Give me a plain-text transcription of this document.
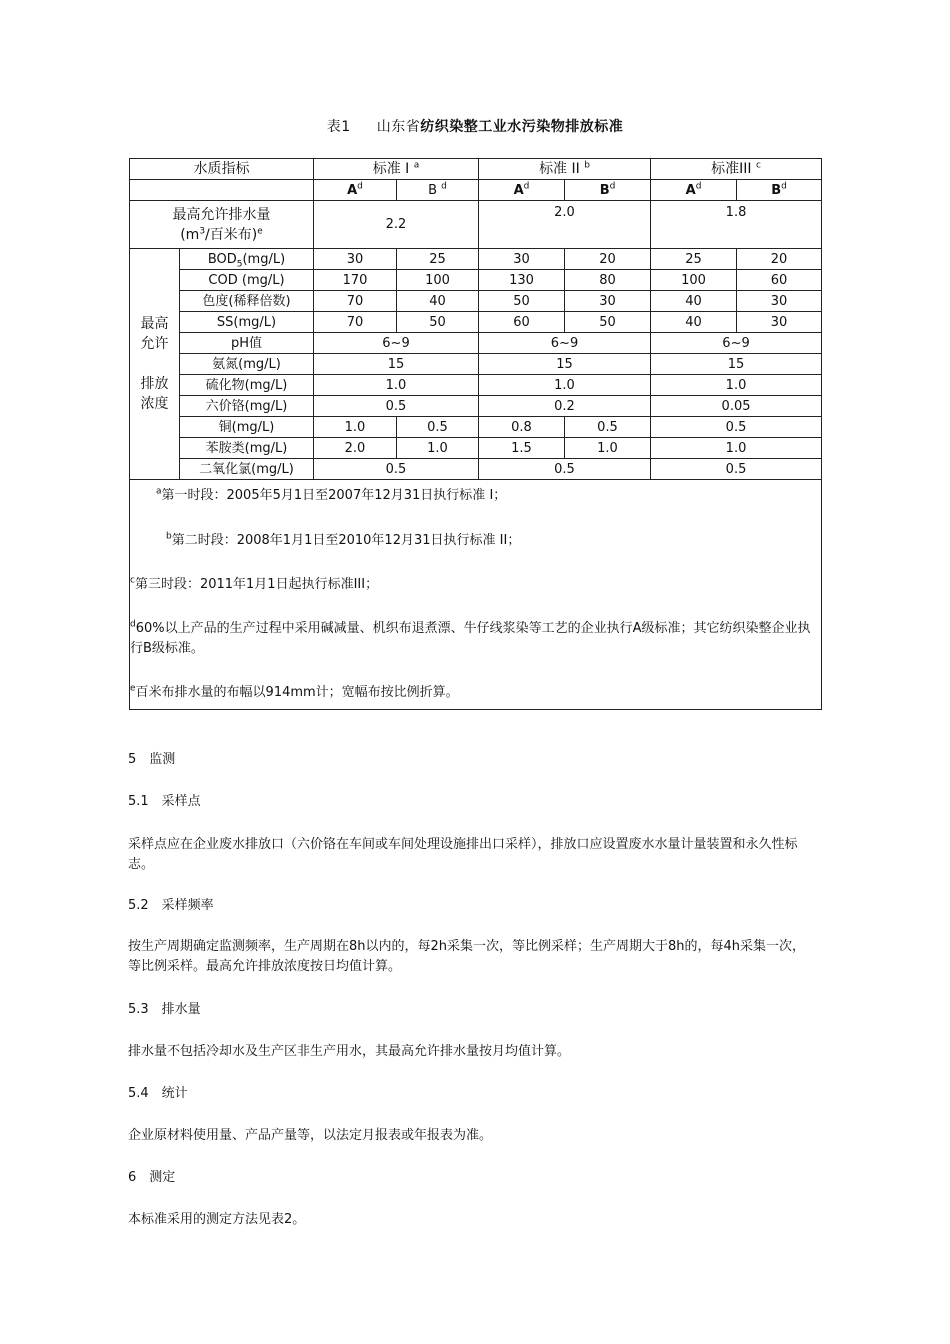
表1 山东省纺织染整工业水污染物排放标准
水质指标		标准 I $^a$		标准 II $^b$		标准III $^c$
		$A^d$	B $^d$	$A^d$	$B^d$	$A^d$	$B^d$
最高允许排水量
($m^3/$百米布)$^e$		2.2		2.0		1.8	
最高
允许

排放
浓度	$BOD_5(mg/L)$	30	25	30	20	25	20
	COD (mg/L)	170	100	130	80	100	60
	色度(稀释倍数)	70	40	50	30	40	30
	SS(mg/L)	70	50	60	50	40	30
	pH值	6~9		6~9		6~9	
	氨氮(mg/L)	15		15		15	
	硫化物(mg/L)	1.0		1.0		1.0	
	六价铬(mg/L)	0.5		0.2		0.05	
	铜(mg/L)	1.0	0.5	0.8	0.5	0.5	
	苯胺类(mg/L)	2.0	1.0	1.5	1.0	1.0	
	二氧化氯(mg/L)	0.5		0.5		0.5	

$^a$第一时段：2005年5月1日至2007年12月31日执行标准 I；
$^b$第二时段：2008年1月1日至2010年12月31日执行标准 II；
$^c$第三时段：2011年1月1日起执行标准III；
$^d$60%以上产品的生产过程中采用碱减量、机织布退煮漂、牛仔线浆染等工艺的企业执行A级标准；其它纺织染整企业执行B级标准。
$^e$百米布排水量的布幅以914mm计；宽幅布按比例折算。							
5　监测
5.1　采样点
采样点应在企业废水排放口（六价铬在车间或车间处理设施排出口采样），排放口应设置废水水量计量装置和永久性标志。
5.2　采样频率
按生产周期确定监测频率，生产周期在8h以内的，每2h采集一次，等比例采样；生产周期大于8h的，每4h采集一次，等比例采样。最高允许排放浓度按日均值计算。
5.3　排水量
排水量不包括冷却水及生产区非生产用水，其最高允许排水量按月均值计算。
5.4　统计
企业原材料使用量、产品产量等，以法定月报表或年报表为准。
6　测定
本标准采用的测定方法见表2。
